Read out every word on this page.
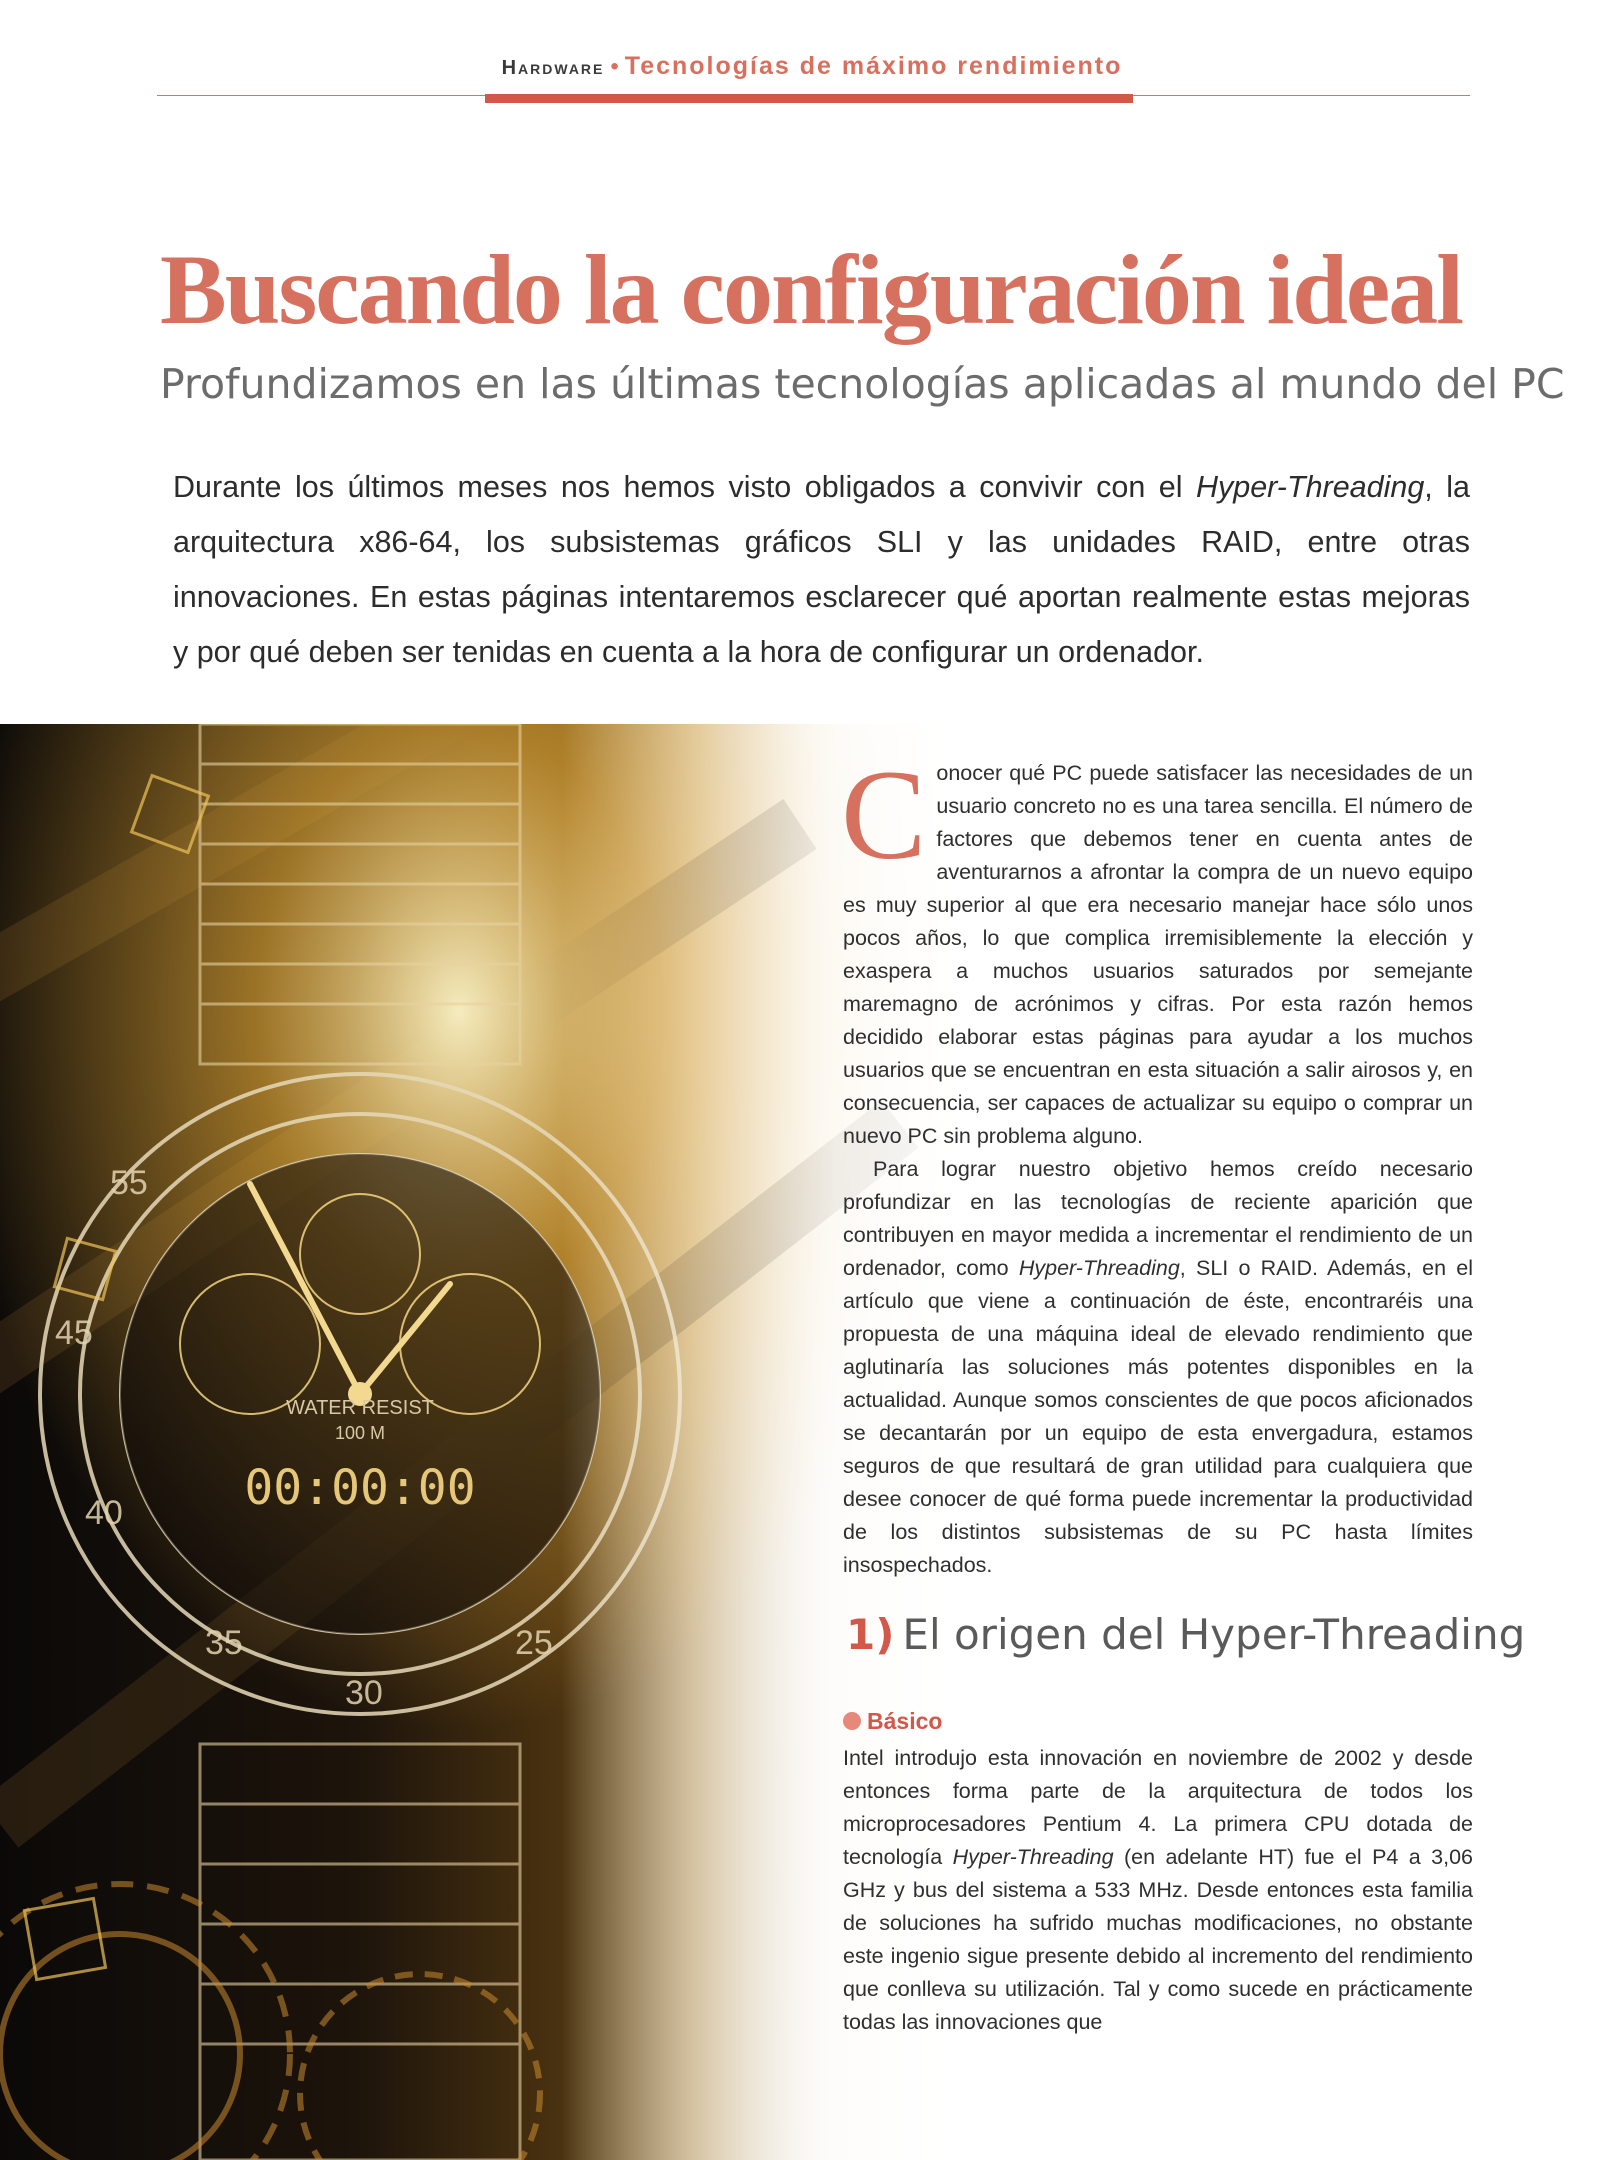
Hardware • Tecnologías de máximo rendimiento
Buscando la configuración ideal
Profundizamos en las últimas tecnologías aplicadas al mundo del PC

Durante los últimos meses nos hemos visto obligados a convivir con el Hyper-Threading, la arquitectura x86-64, los subsistemas gráficos SLI y las unidades RAID, entre otras innovaciones. En estas páginas intentaremos esclarecer qué aportan realmente estas mejoras y por qué deben ser tenidas en cuenta a la hora de configurar un ordenador.

Conocer qué PC puede satisfacer las necesidades de un usuario concreto no es una tarea sencilla. El número de factores que debemos tener en cuenta antes de aventurarnos a afrontar la compra de un nuevo equipo es muy superior al que era necesario manejar hace sólo unos pocos años, lo que complica irremisiblemente la elección y exaspera a muchos usuarios saturados por semejante maremagno de acrónimos y cifras. Por esta razón hemos decidido elaborar estas páginas para ayudar a los muchos usuarios que se encuentran en esta situación a salir airosos y, en consecuencia, ser capaces de actualizar su equipo o comprar un nuevo PC sin problema alguno.

Para lograr nuestro objetivo hemos creído necesario profundizar en las tecnologías de reciente aparición que contribuyen en mayor medida a incrementar el rendimiento de un ordenador, como Hyper-Threading, SLI o RAID. Además, en el artículo que viene a continuación de éste, encontraréis una propuesta de una máquina ideal de elevado rendimiento que aglutinaría las soluciones más potentes disponibles en la actualidad. Aunque somos conscientes de que pocos aficionados se decantarán por un equipo de esta envergadura, estamos seguros de que resultará de gran utilidad para cualquiera que desee conocer de qué forma puede incrementar la productividad de los distintos subsistemas de su PC hasta límites insospechados.

1) El origen del Hyper-Threading
Básico

Intel introdujo esta innovación en noviembre de 2002 y desde entonces forma parte de la arquitectura de todos los microprocesadores Pentium 4. La primera CPU dotada de tecnología Hyper-Threading (en adelante HT) fue el P4 a 3,06 GHz y bus del sistema a 533 MHz. Desde entonces esta familia de soluciones ha sufrido muchas modificaciones, no obstante este ingenio sigue presente debido al incremento del rendimiento que conlleva su utilización. Tal y como sucede en prácticamente todas las innovaciones que
